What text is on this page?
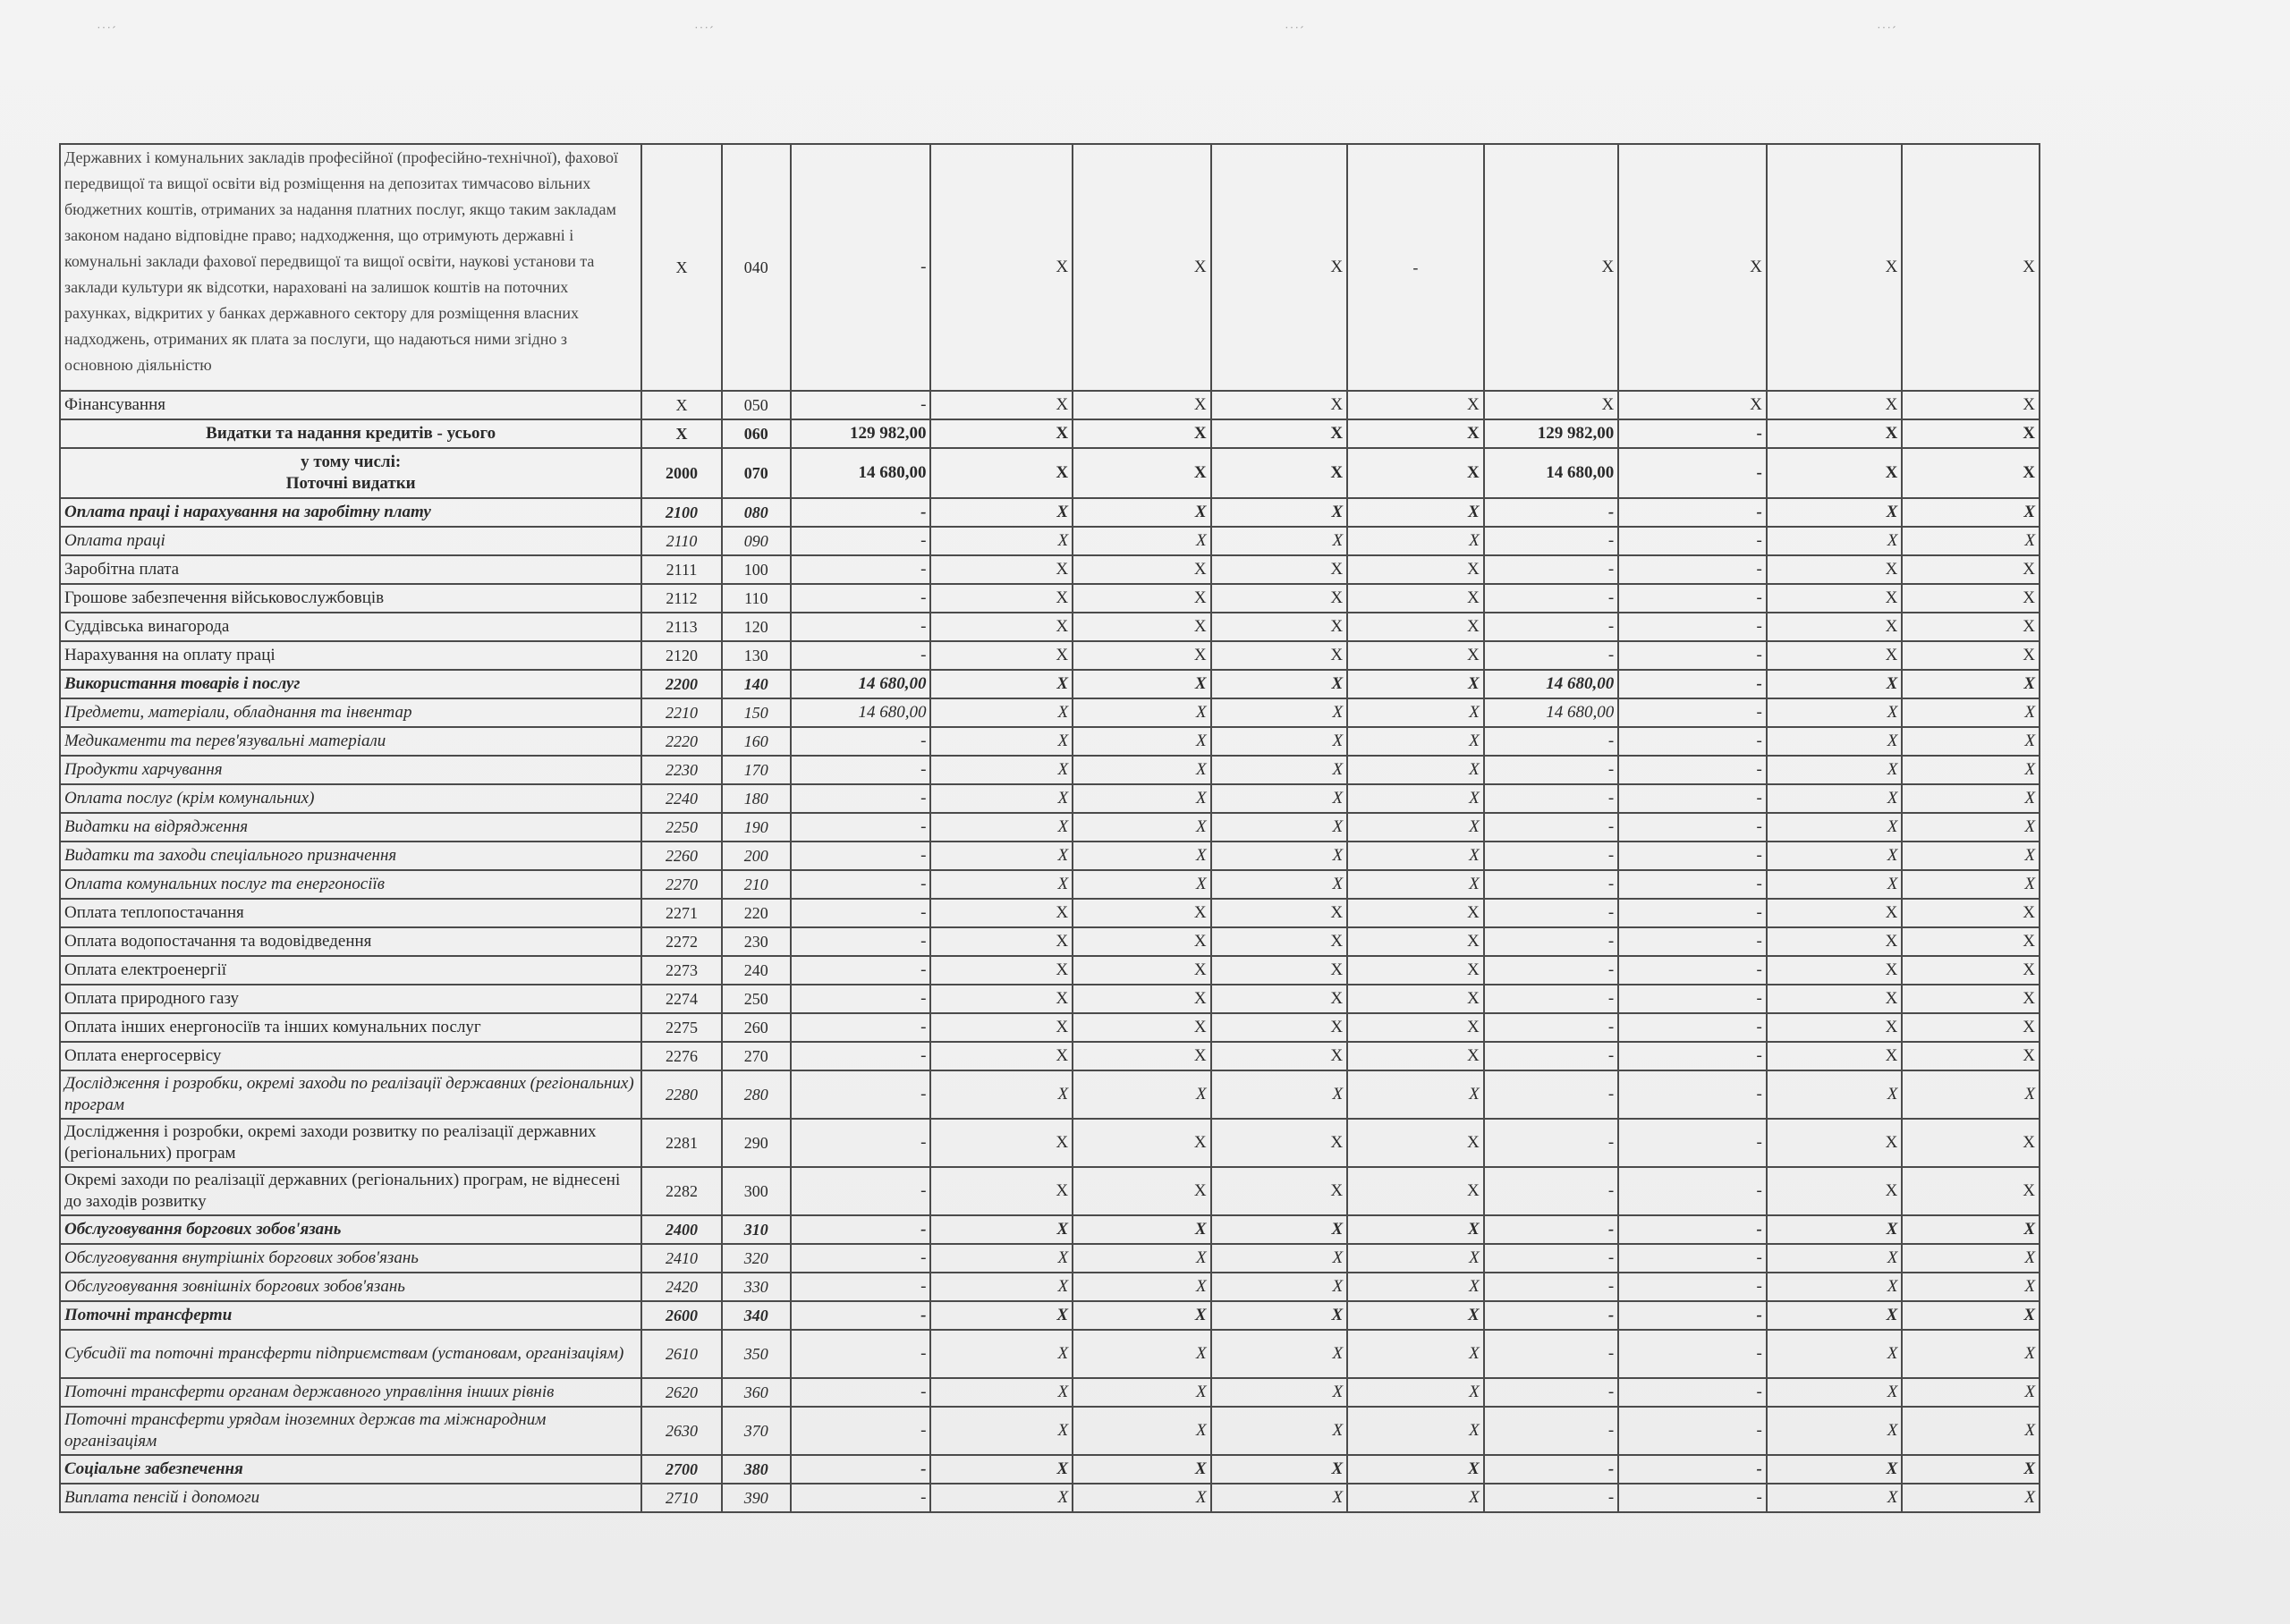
˙˙˙´	˙˙˙´	˙˙˙´	˙˙˙´
Державних і комунальних закладів професійної (професійно-технічної), фахової передвищої та вищої освіти від розміщення на депозитах тимчасово вільних бюджетних коштів, отриманих за надання платних послуг, якщо таким закладам законом надано відповідне право; надходження, що отримують державні і комунальні заклади фахової передвищої та вищої освіти, наукові установи та заклади культури як відсотки, нараховані на залишок коштів на поточних рахунках, відкритих у банках державного сектору для розміщення власних надходжень, отриманих як плата за послуги, що надаються ними згідно з основною діяльністю	Х	040	-	Х	Х	Х	-	Х	Х	Х	Х
Фінансування	Х	050	-	Х	Х	Х	Х	Х	Х	Х	Х
Видатки та надання кредитів - усього	Х	060	129 982,00	Х	Х	Х	Х	129 982,00	-	Х	Х

у тому числі:
Поточні видатки	2000	070	14 680,00	Х	Х	Х	Х	14 680,00	-	Х	Х
Оплата праці і нарахування на заробітну плату	2100	080	-	Х	Х	Х	Х	-	-	Х	Х
Оплата праці	2110	090	-	Х	Х	Х	Х	-	-	Х	Х
Заробітна плата	2111	100	-	Х	Х	Х	Х	-	-	Х	Х
Грошове забезпечення військовослужбовців	2112	110	-	Х	Х	Х	Х	-	-	Х	Х
Суддівська винагорода	2113	120	-	Х	Х	Х	Х	-	-	Х	Х
Нарахування на оплату праці	2120	130	-	Х	Х	Х	Х	-	-	Х	Х
Використання товарів і послуг	2200	140	14 680,00	Х	Х	Х	Х	14 680,00	-	Х	Х
Предмети, матеріали, обладнання та інвентар	2210	150	14 680,00	Х	Х	Х	Х	14 680,00	-	Х	Х
Медикаменти та перев'язувальні матеріали	2220	160	-	Х	Х	Х	Х	-	-	Х	Х
Продукти харчування	2230	170	-	Х	Х	Х	Х	-	-	Х	Х
Оплата послуг (крім комунальних)	2240	180	-	Х	Х	Х	Х	-	-	Х	Х
Видатки на відрядження	2250	190	-	Х	Х	Х	Х	-	-	Х	Х
Видатки та заходи спеціального призначення	2260	200	-	Х	Х	Х	Х	-	-	Х	Х
Оплата комунальних послуг та енергоносіїв	2270	210	-	Х	Х	Х	Х	-	-	Х	Х
Оплата теплопостачання	2271	220	-	Х	Х	Х	Х	-	-	Х	Х
Оплата водопостачання та водовідведення	2272	230	-	Х	Х	Х	Х	-	-	Х	Х
Оплата електроенергії	2273	240	-	Х	Х	Х	Х	-	-	Х	Х
Оплата природного газу	2274	250	-	Х	Х	Х	Х	-	-	Х	Х
Оплата інших енергоносіїв та інших комунальних послуг	2275	260	-	Х	Х	Х	Х	-	-	Х	Х
Оплата енергосервісу	2276	270	-	Х	Х	Х	Х	-	-	Х	Х
Дослідження і розробки, окремі заходи по реалізації державних (регіональних) програм	2280	280	-	Х	Х	Х	Х	-	-	Х	Х
Дослідження і розробки, окремі заходи розвитку по реалізації державних (регіональних) програм	2281	290	-	Х	Х	Х	Х	-	-	Х	Х
Окремі заходи по реалізації державних (регіональних) програм, не віднесені до заходів розвитку	2282	300	-	Х	Х	Х	Х	-	-	Х	Х
Обслуговування боргових зобов'язань	2400	310	-	Х	Х	Х	Х	-	-	Х	Х
Обслуговування внутрішніх боргових зобов'язань	2410	320	-	Х	Х	Х	Х	-	-	Х	Х
Обслуговування зовнішніх боргових зобов'язань	2420	330	-	Х	Х	Х	Х	-	-	Х	Х
Поточні трансферти	2600	340	-	Х	Х	Х	Х	-	-	Х	Х
Субсидії та поточні трансферти підприємствам (установам, організаціям)	2610	350	-	Х	Х	Х	Х	-	-	Х	Х
Поточні трансферти органам державного управління інших рівнів	2620	360	-	Х	Х	Х	Х	-	-	Х	Х
Поточні трансферти урядам іноземних держав та міжнародним організаціям	2630	370	-	Х	Х	Х	Х	-	-	Х	Х
Соціальне забезпечення	2700	380	-	Х	Х	Х	Х	-	-	Х	Х
Виплата пенсій і допомоги	2710	390	-	Х	Х	Х	Х	-	-	Х	Х
